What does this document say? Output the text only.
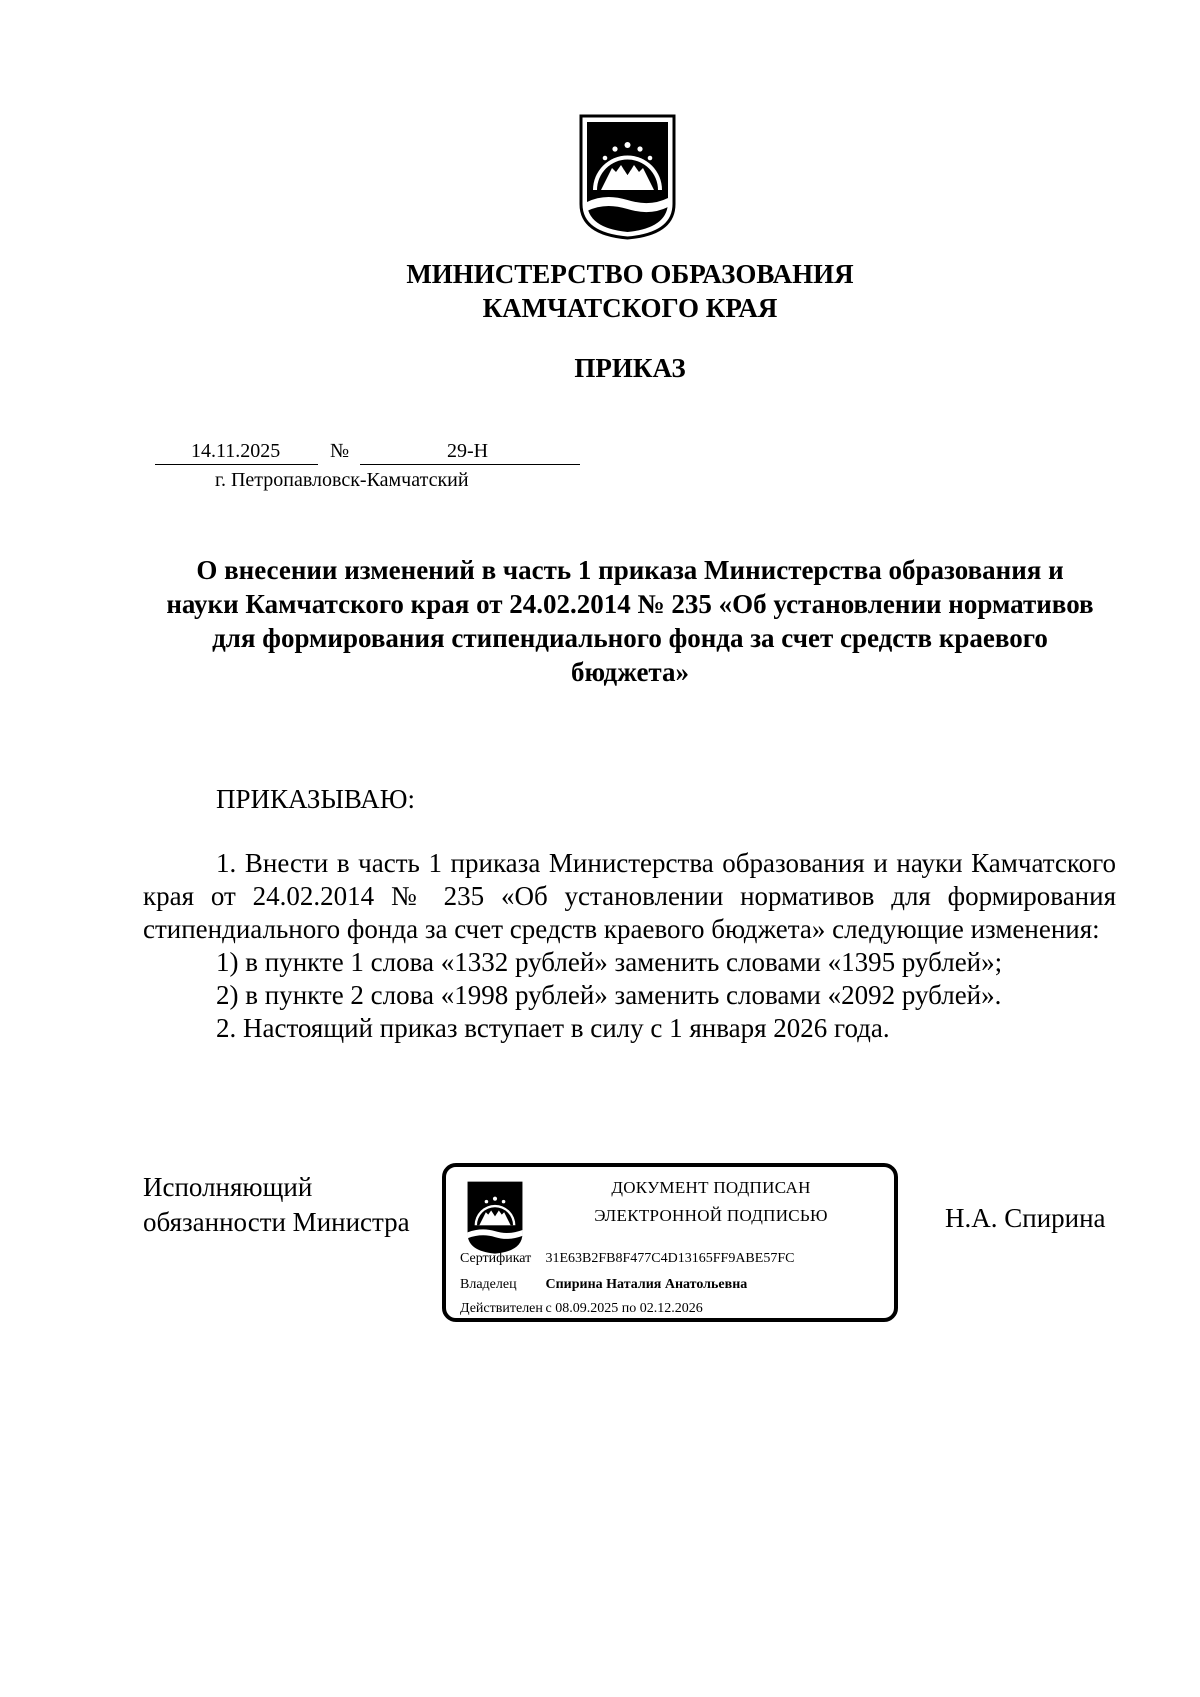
МИНИСТЕРСТВО ОБРАЗОВАНИЯ
КАМЧАТСКОГО КРАЯ
ПРИКАЗ
14.11.2025 №	29-Н
г. Петропавловск-Камчатский
О внесении изменений в часть 1 приказа Министерства образования и науки Камчатского края от 24.02.2014 № 235 «Об установлении нормативов для формирования стипендиального фонда за счет средств краевого бюджета»
ПРИКАЗЫВАЮ:

1. Внести в часть 1 приказа Министерства образования и науки Камчатского края от 24.02.2014 № 235 «Об установлении нормативов для формирования стипендиального фонда за счет средств краевого бюджета» следующие изменения:

1) в пункте 1 слова «1332 рублей» заменить словами «1395 рублей»;

2) в пункте 2 слова «1998 рублей» заменить словами «2092 рублей».

2. Настоящий приказ вступает в силу с 1 января 2026 года.

Исполняющий
обязанности Министра
ДОКУМЕНТ ПОДПИСАН
ЭЛЕКТРОННОЙ ПОДПИСЬЮ
Сертификат 31E63B2FB8F477C4D13165FF9ABE57FC
Владелец Спирина Наталия Анатольевна
Действителен с 08.09.2025 по 02.12.2026
Н.А. Спирина
